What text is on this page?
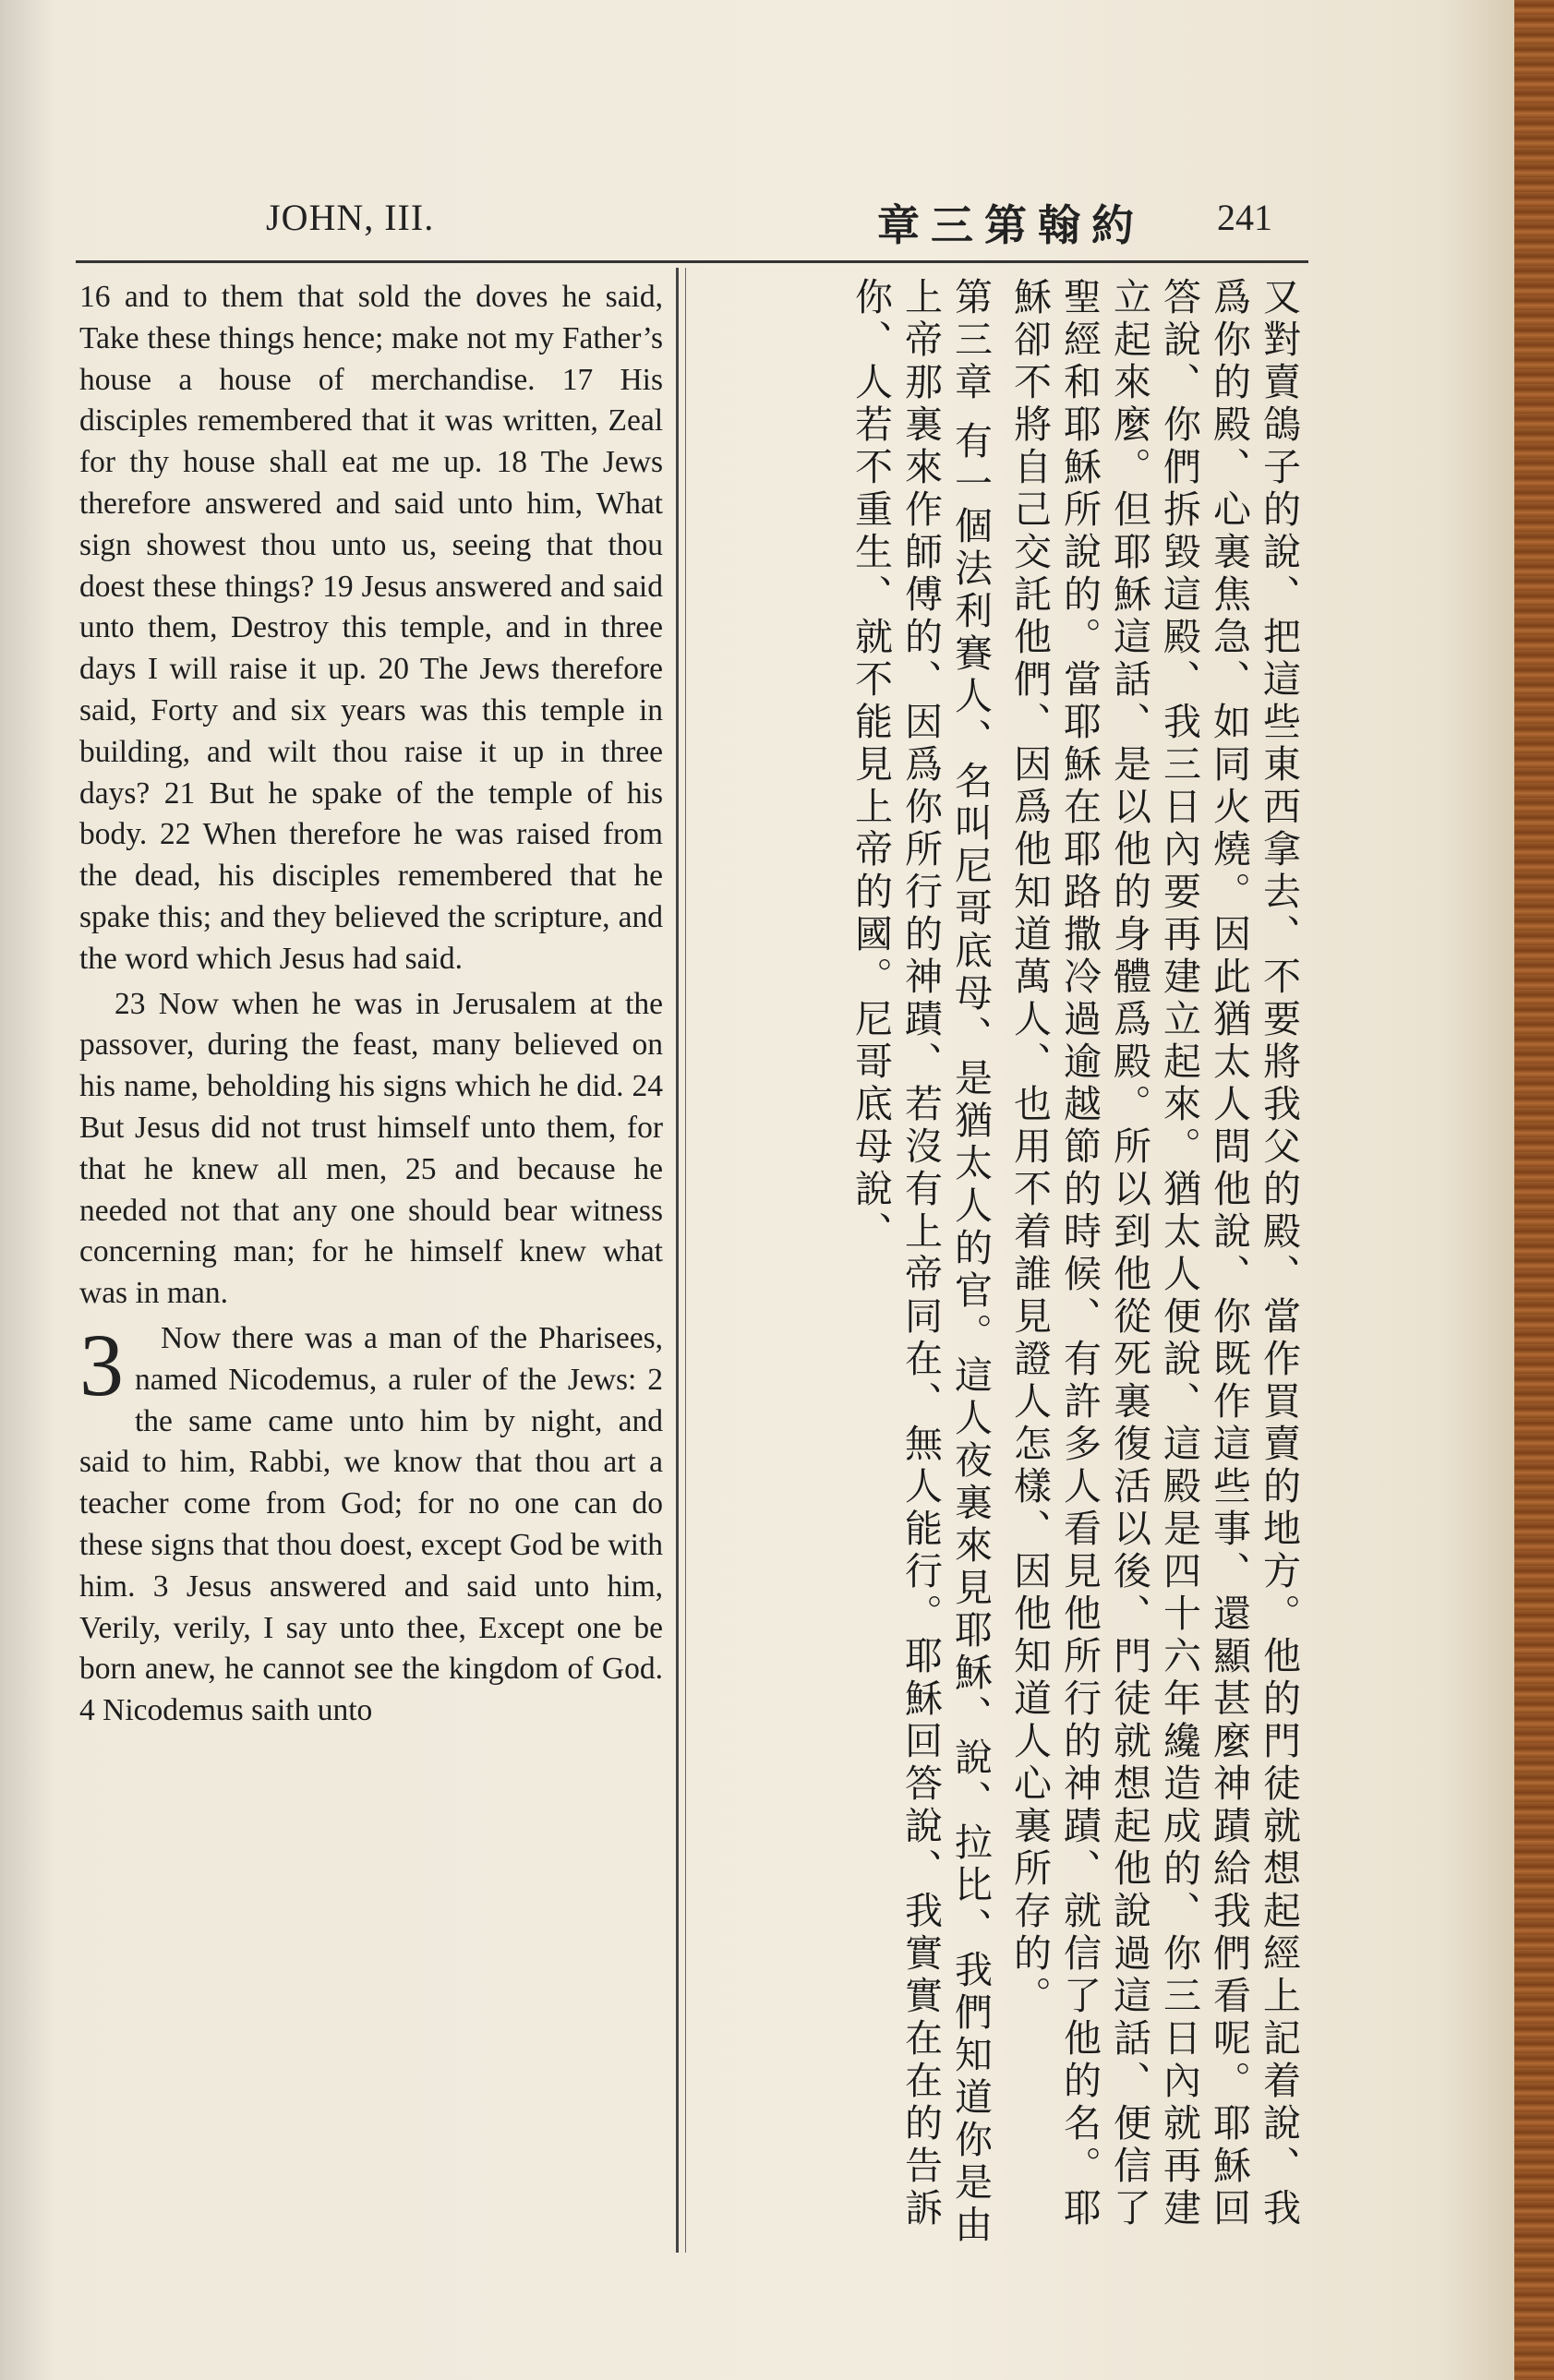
JOHN, III.	章三第翰約 241

16 and to them that sold the doves he said, Take these things hence; make not my Father’s house a house of merchandise. 17 His disciples remembered that it was written, Zeal for thy house shall eat me up. 18 The Jews therefore answered and said unto him, What sign showest thou unto us, seeing that thou doest these things? 19 Jesus answered and said unto them, Destroy this temple, and in three days I will raise it up. 20 The Jews therefore said, Forty and six years was this temple in building, and wilt thou raise it up in three days? 21 But he spake of the temple of his body. 22 When therefore he was raised from the dead, his disciples remembered that he spake this; and they believed the scripture, and the word which Jesus had said.

23 Now when he was in Jerusalem at the passover, during the feast, many believed on his name, beholding his signs which he did. 24 But Jesus did not trust himself unto them, for that he knew all men, 25 and because he needed not that any one should bear witness concerning man; for he himself knew what was in man.

3 Now there was a man of the Pharisees, named Nicodemus, a ruler of the Jews: 2 the same came unto him by night, and said to him, Rabbi, we know that thou art a teacher come from God; for no one can do these signs that thou doest, except God be with him. 3 Jesus answered and said unto him, Verily, verily, I say unto thee, Except one be born anew, he cannot see the kingdom of God. 4 Nicodemus saith unto	又對賣鴿子的說、把這些東西拿去、不要將我父的殿、當作買賣的地方。他的門徒就想起經上記着說、我爲你的殿、心裏焦急、如同火燒。因此猶太人問他說、你既作這些事、還顯甚麼神蹟給我們看呢。耶穌回答說、你們拆毀這殿、我三日內要再建立起來。猶太人便說、這殿是四十六年纔造成的、你三日內就再建立起來麼。但耶穌這話、是以他的身體爲殿。所以到他從死裏復活以後、門徒就想起他說過這話、便信了聖經和耶穌所說的。當耶穌在耶路撒冷過逾越節的時候、有許多人看見他所行的神蹟、就信了他的名。耶穌卻不將自己交託他們、因爲他知道萬人、也用不着誰見證人怎樣、因他知道人心裏所存的。

第三章 有一個法利賽人、名叫尼哥底母、是猶太人的官。這人夜裏來見耶穌、說、拉比、我們知道你是由上帝那裏來作師傅的、因爲你所行的神蹟、若沒有上帝同在、無人能行。耶穌回答說、我實實在在的告訴你、人若不重生、就不能見上帝的國。尼哥底母說、
